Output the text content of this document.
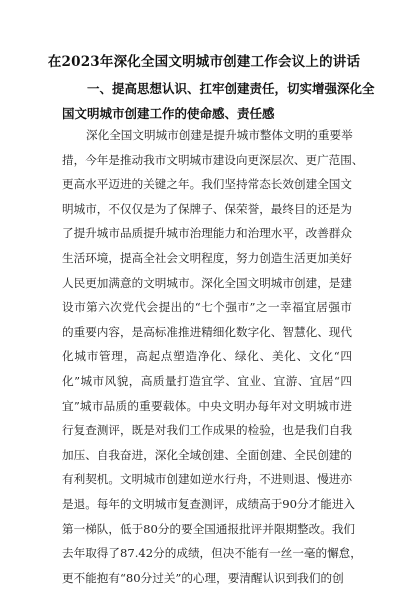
在2023年深化全国文明城市创建工作会议上的讲话
一、提高思想认识、扛牢创建责任，切实增强深化全
国文明城市创建工作的使命感、责任感
深化全国文明城市创建是提升城市整体文明的重要举
措，今年是推动我市文明城市建设向更深层次、更广范围、
更高水平迈进的关键之年。我们坚持常态长效创建全国文
明城市，不仅仅是为了保牌子、保荣誉，最终目的还是为
了提升城市品质提升城市治理能力和治理水平，改善群众
生活环境，提高全社会文明程度，努力创造生活更加美好
人民更加满意的文明城市。深化全国文明城市创建，是建
设市第六次党代会提出的“七个强市”之一幸福宜居强市
的重要内容，是高标准推进精细化数字化、智慧化、现代
化城市管理，高起点塑造净化、绿化、美化、文化“四
化”城市风貌，高质量打造宜学、宜业、宜游、宜居“四
宜”城市品质的重要载体。中央文明办每年对文明城市进
行复查测评，既是对我们工作成果的检验，也是我们自我
加压、自我奋进，深化全域创建、全面创建、全民创建的
有利契机。文明城市创建如逆水行舟，不进则退、慢进亦
是退。每年的文明城市复查测评，成绩高于90分才能进入
第一梯队，低于80分的要全国通报批评并限期整改。我们
去年取得了87.42分的成绩，但决不能有一丝一毫的懈怠，
更不能抱有“80分过关”的心理，要清醒认识到我们的创
